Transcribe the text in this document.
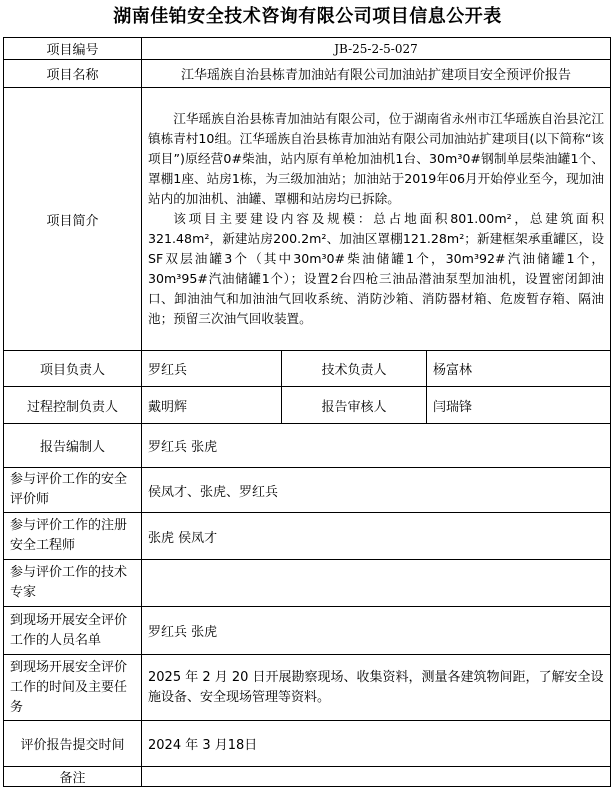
湖南佳铂安全技术咨询有限公司项目信息公开表
项目编号	JB-25-2-5-027		
项目名称	江华瑶族自治县栋青加油站有限公司加油站扩建项目安全预评价报告		
项目简介	江华瑶族自治县栋青加油站有限公司，位于湖南省永州市江华瑶族自治县沱江镇栋青村10组。江华瑶族自治县栋青加油站有限公司加油站扩建项目(以下简称“该项目”)原经营0#柴油，站内原有单枪加油机1台、30m³0#钢制单层柴油罐1个、罩棚1座、站房1栋，为三级加油站；加油站于2019年06月开始停业至今，现加油站内的加油机、油罐、罩棚和站房均已拆除。

该项目主要建设内容及规模：总占地面积801.00m²，总建筑面积321.48m²，新建站房200.2m²、加油区罩棚121.28m²；新建框架承重罐区，设SF双层油罐3个（其中30m³0#柴油储罐1个，30m³92#汽油储罐1个，30m³95#汽油储罐1个）；设置2台四枪三油品潜油泵型加油机，设置密闭卸油口、卸油油气和加油油气回收系统、消防沙箱、消防器材箱、危废暂存箱、隔油池；预留三次油气回收装置。		

项目负责人	罗红兵	技术负责人	杨富林
过程控制负责人	戴明辉	报告审核人	闫瑞锋
报告编制人	罗红兵 张虎		
参与评价工作的安全评价师	侯凤才、张虎、罗红兵		
参与评价工作的注册安全工程师	张虎 侯凤才		
参与评价工作的技术专家			
到现场开展安全评价工作的人员名单	罗红兵 张虎		
到现场开展安全评价工作的时间及主要任务	2025 年 2 月 20 日开展勘察现场、收集资料，测量各建筑物间距，了解安全设施设备、安全现场管理等资料。		
评价报告提交时间	2024 年 3 月18日		
备注			
